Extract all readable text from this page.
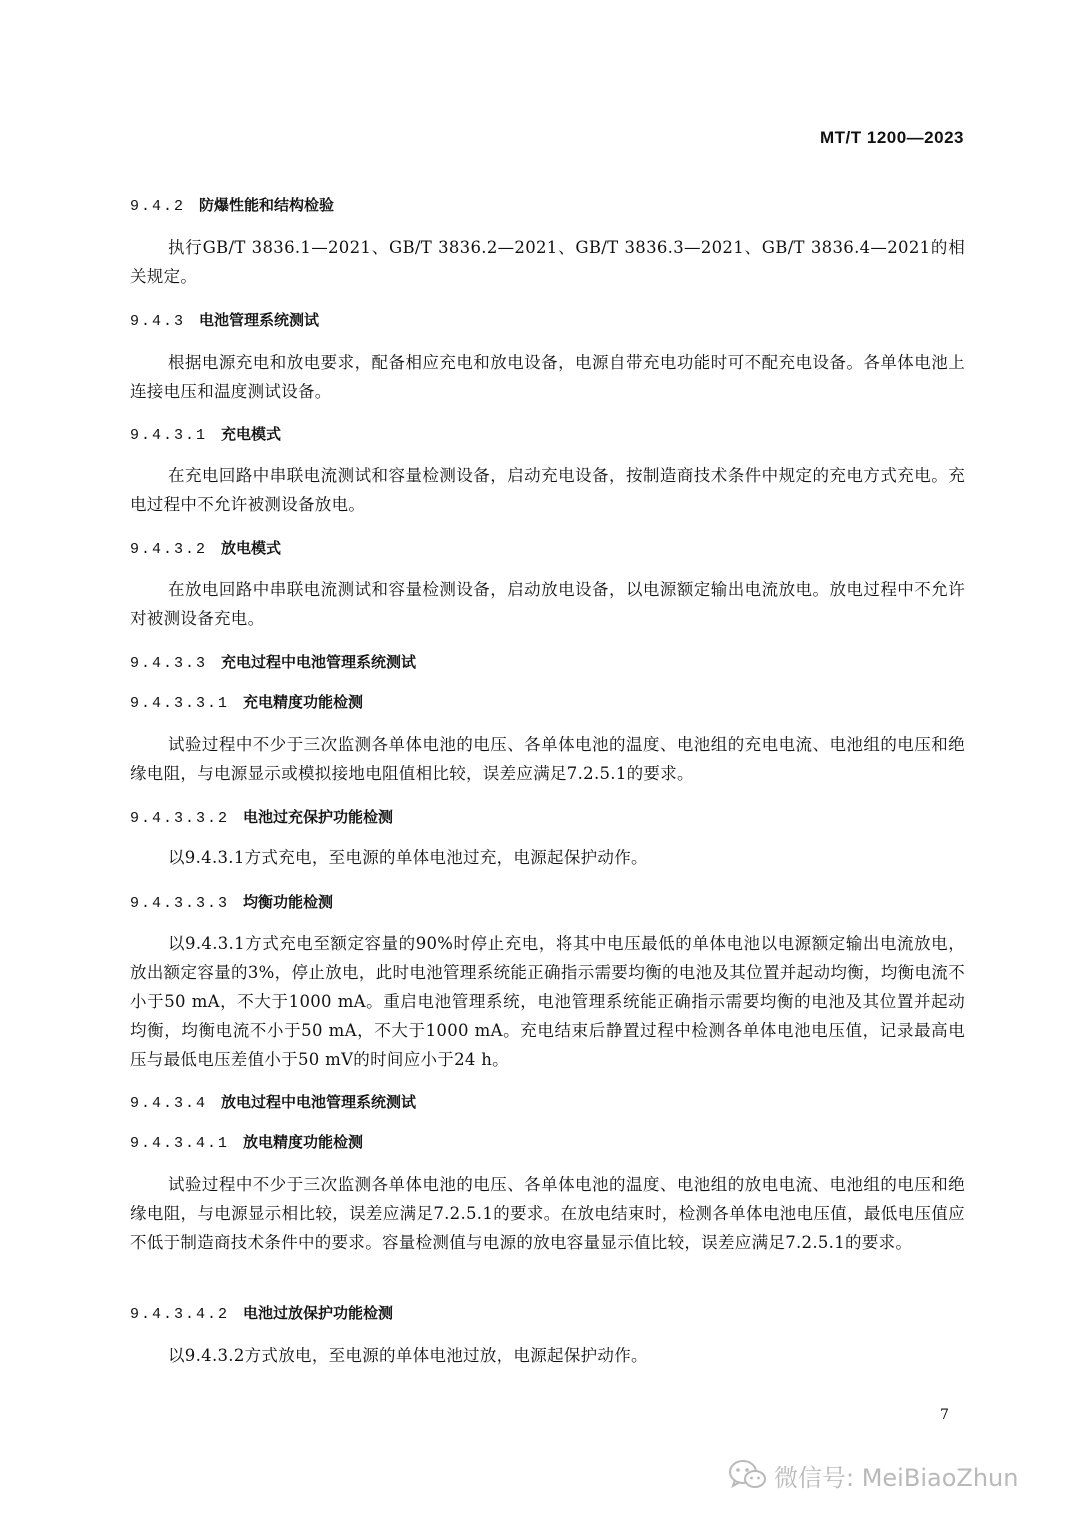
MT/T 1200—2023
9.4.2 防爆性能和结构检验
执行GB/T 3836.1—2021、GB/T 3836.2—2021、GB/T 3836.3—2021、GB/T 3836.4—2021的相关规定。
9.4.3 电池管理系统测试
根据电源充电和放电要求，配备相应充电和放电设备，电源自带充电功能时可不配充电设备。各单体电池上连接电压和温度测试设备。
9.4.3.1 充电模式
在充电回路中串联电流测试和容量检测设备，启动充电设备，按制造商技术条件中规定的充电方式充电。充电过程中不允许被测设备放电。
9.4.3.2 放电模式
在放电回路中串联电流测试和容量检测设备，启动放电设备，以电源额定输出电流放电。放电过程中不允许对被测设备充电。
9.4.3.3 充电过程中电池管理系统测试
9.4.3.3.1 充电精度功能检测
试验过程中不少于三次监测各单体电池的电压、各单体电池的温度、电池组的充电电流、电池组的电压和绝缘电阻，与电源显示或模拟接地电阻值相比较，误差应满足7.2.5.1的要求。
9.4.3.3.2 电池过充保护功能检测
以9.4.3.1方式充电，至电源的单体电池过充，电源起保护动作。
9.4.3.3.3 均衡功能检测
以9.4.3.1方式充电至额定容量的90%时停止充电，将其中电压最低的单体电池以电源额定输出电流放电，放出额定容量的3%，停止放电，此时电池管理系统能正确指示需要均衡的电池及其位置并起动均衡，均衡电流不小于50 mA，不大于1000 mA。重启电池管理系统，电池管理系统能正确指示需要均衡的电池及其位置并起动均衡，均衡电流不小于50 mA，不大于1000 mA。充电结束后静置过程中检测各单体电池电压值，记录最高电压与最低电压差值小于50 mV的时间应小于24 h。
9.4.3.4 放电过程中电池管理系统测试
9.4.3.4.1 放电精度功能检测
试验过程中不少于三次监测各单体电池的电压、各单体电池的温度、电池组的放电电流、电池组的电压和绝缘电阻，与电源显示相比较，误差应满足7.2.5.1的要求。在放电结束时，检测各单体电池电压值，最低电压值应不低于制造商技术条件中的要求。容量检测值与电源的放电容量显示值比较，误差应满足7.2.5.1的要求。
9.4.3.4.2 电池过放保护功能检测
以9.4.3.2方式放电，至电源的单体电池过放，电源起保护动作。
7
微信号: MeiBiaoZhun
